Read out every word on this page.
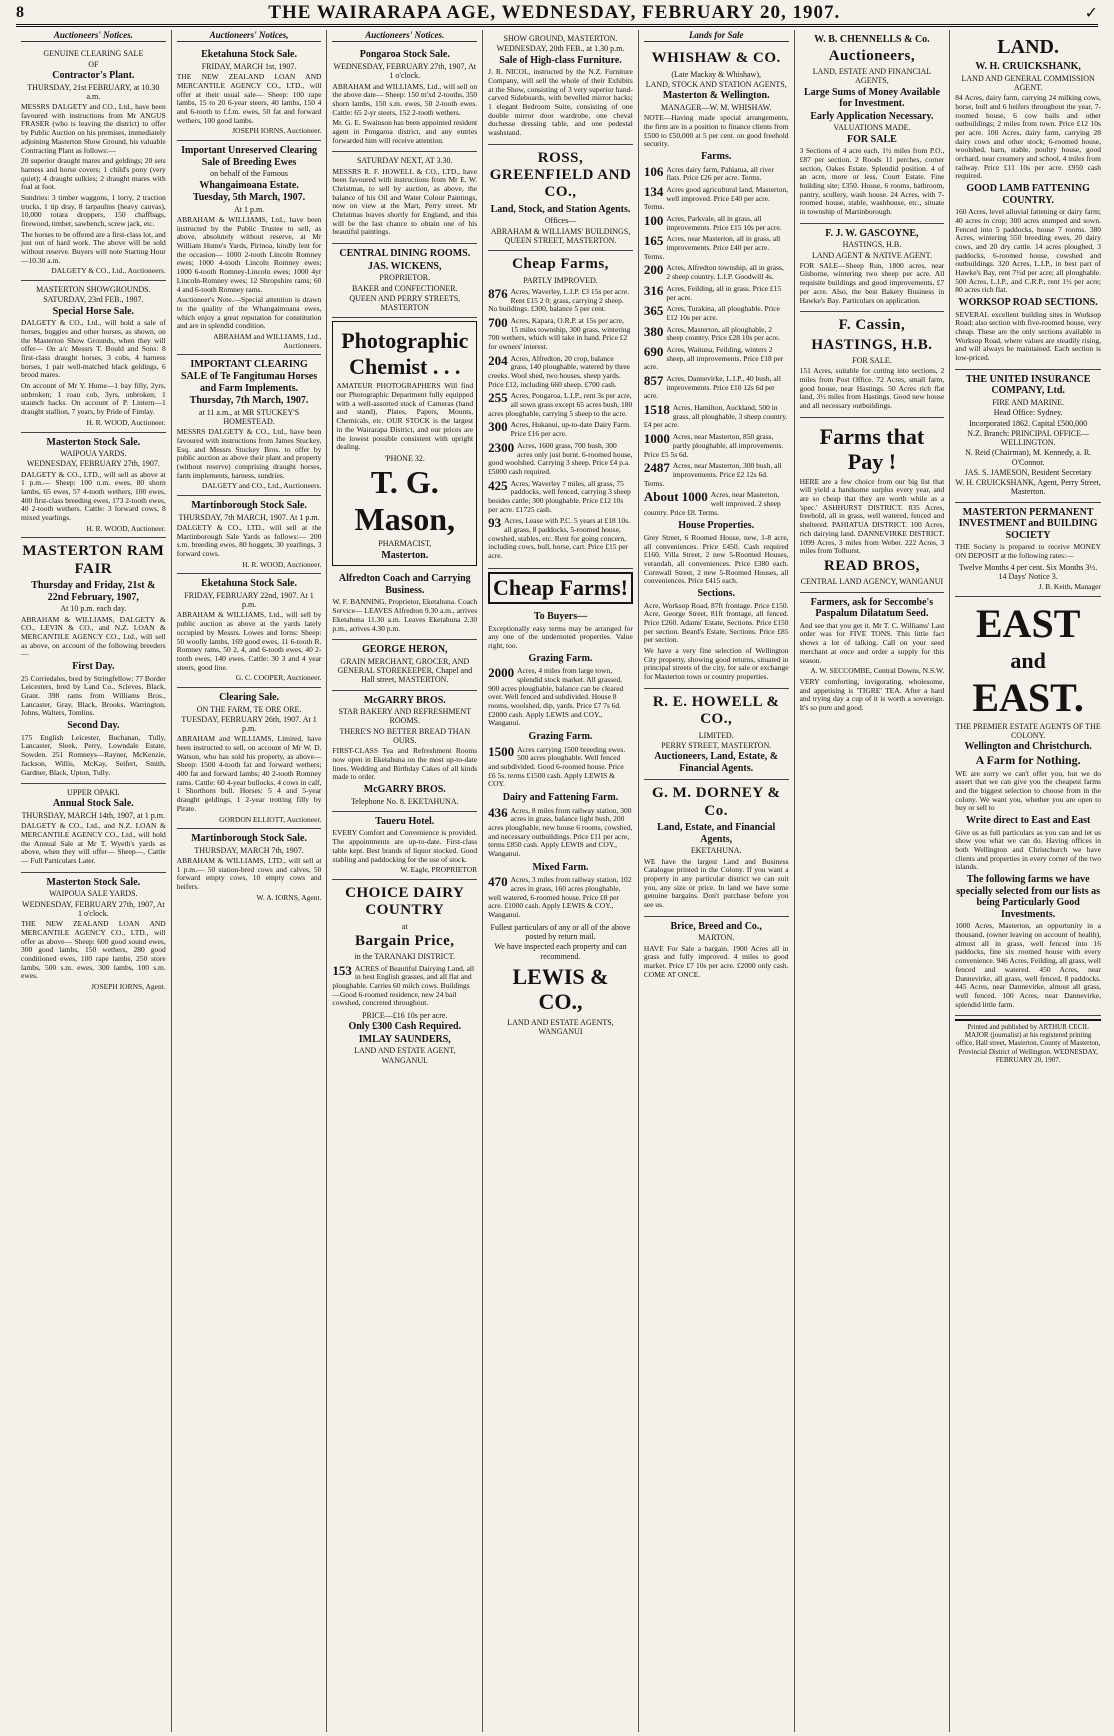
8	THE WAIRARAPA AGE, WEDNESDAY, FEBRUARY 20, 1907.	✓
Auctioneers' Notices.
GENUINE CLEARING SALE
OF
Contractor's Plant.
THURSDAY, 21st FEBRUARY, at 10.30 a.m.
MESSRS DALGETY and CO., Ltd., have been favoured with instructions from Mr ANGUS FRASER (who is leaving the district) to offer by Public Auction on his premises, immediately adjoining Masterton Show Ground, his valuable Contracting Plant as follows:—
20 superior draught mares and geldings; 20 sets harness and horse covers; 1 child's pony (very quiet); 4 draught sulkies; 2 draught mares with foal at foot.
Sundries: 3 timber waggons, 1 lorry, 2 traction trucks, 1 tip dray, 8 tarpaulins (heavy canvas), 10,000 totara droppers, 150 chaffbags, firewood, timber, sawbench, screw jack, etc.
The horses to be offered are a first-class lot, and just out of hard work. The above will be sold without reserve. Buyers will note Starting Hour—10.30 a.m.
DALGETY & CO., Ltd., Auctioneers.
MASTERTON SHOWGROUNDS.
SATURDAY, 23rd FEB., 1907.
Special Horse Sale.
DALGETY & CO., Ltd., will hold a sale of horses, buggies and other horses, as shown, on the Masterton Show Grounds, when they will offer— On a/c Messrs T. Bould and Sons: 8 first-class draught horses, 3 cobs, 4 harness horses, 1 pair well-matched black geldings, 6 brood mares.
On account of Mr Y. Hume—1 bay filly, 2yrs, unbroken; 1 roan cob, 3yrs, unbroken; 1 staunch hacks. On account of P. Lintern—1 draught stallion, 7 years, by Pride of Fimlay.
H. R. WOOD, Auctioneer.
Masterton Stock Sale.
WAIPOUA YARDS.
WEDNESDAY, FEBRUARY 27th, 1907.
DALGETY & CO., LTD., will sell as above at 1 p.m.— Sheep: 100 n.m. ewes, 80 shorn lambs, 65 ewes, 57 4-tooth wethers, 100 ewes, 400 first-class breeding ewes, 173 2-tooth ewes, 40 2-tooth wethers. Cattle: 3 forward cows, 8 mixed yearlings.
H. R. WOOD, Auctioneer.
MASTERTON RAM FAIR
Thursday and Friday, 21st & 22nd February, 1907,
At 10 p.m. each day.
ABRAHAM & WILLIAMS, DALGETY & CO., LEVIN & CO., and N.Z. LOAN & MERCANTILE AGENCY CO., Ltd., will sell as above, on account of the following breeders—
First Day.
25 Corriedales, bred by Stringfellow; 77 Border Leicesters, bred by Land Co., Scleves, Black, Grant. 398 rams from Williams Bros., Lancaster, Gray, Black, Brooks, Warrington, Johns, Walters, Tomlins.
Second Day.
175 English Leicester, Buchanan, Tully, Lancaster, Sleek, Perry, Lowndale Estate, Sowden. 251 Romneys—Rayner, McKenzie, Jackson, Willis, McKay, Seifert, Smith, Gardner, Black, Upton, Tully.
UPPER OPAKI.
Annual Stock Sale.
THURSDAY, MARCH 14th, 1907, at 1 p.m.
DALGETY & CO., Ltd., and N.Z. LOAN & MERCANTILE AGENCY CO., Ltd., will hold the Annual Sale at Mr T. Wyeth's yards as above, when they will offer— Sheep—, Cattle— Full Particulars Later.
Masterton Stock Sale.
WAIPOUA SALE YARDS.
WEDNESDAY, FEBRUARY 27th, 1907, At 1 o'clock.
THE NEW ZEALAND LOAN AND MERCANTILE AGENCY CO., LTD., will offer as above— Sheep: 600 good sound ewes, 300 good lambs, 150 wethers, 280 good conditioned ewes, 100 rape lambs, 250 store lambs, 500 s.m. ewes, 300 lambs, 100 s.m. ewes.
JOSEPH IORNS, Agent.
Auctioneers' Notices,
Eketahuna Stock Sale.
FRIDAY, MARCH 1st, 1907.
THE NEW ZEALAND LOAN AND MERCANTILE AGENCY CO., LTD., will offer at their usual sale— Sheep: 100 rape lambs, 15 to 20 6-year steers, 40 lambs, 150 4 and 6-tooth to f.f.m. ewes, 50 fat and forward wethers, 100 good lambs.
JOSEPH IORNS, Auctioneer.
Important Unreserved Clearing Sale of Breeding Ewes
on behalf of the Famous
Whangaimoana Estate.
Tuesday, 5th March, 1907.
At 1 p.m.
ABRAHAM & WILLIAMS, Ltd., have been instructed by the Public Trustee to sell, as above, absolutely without reserve, at Mr William Hume's Yards, Pirinoa, kindly lent for the occasion— 1000 2-tooth Lincoln Romney ewes; 1000 4-tooth Lincoln Romney ewes; 1000 6-tooth Romney-Lincoln ewes; 1000 4yr Lincoln-Romney ewes; 12 Shropshire rams; 60 4 and 6-tooth Romney rams.
Auctioneer's Note.—Special attention is drawn to the quality of the Whangaimoana ewes, which enjoy a great reputation for constitution and are in splendid condition.
ABRAHAM and WILLIAMS, Ltd., Auctioneers.
IMPORTANT CLEARING SALE of Te Fangitumau Horses and Farm Implements.
Thursday, 7th March, 1907.
at 11 a.m., at MR STUCKEY'S HOMESTEAD.
MESSRS DALGETY & CO., Ltd., have been favoured with instructions from James Stuckey, Esq. and Messrs Stuckey Bros. to offer by public auction as above their plant and property (without reserve) comprising draught horses, farm implements, harness, sundries.
DALGETY and CO., Ltd., Auctioneers.
Martinborough Stock Sale.
THURSDAY, 7th MARCH, 1907. At 1 p.m.
DALGETY & CO., LTD., will sell at the Martinborough Sale Yards as follows:— 200 s.m. breeding ewes, 80 hoggets, 30 yearlings, 3 forward cows.
H. R. WOOD, Auctioneer.
Eketahuna Stock Sale.
FRIDAY, FEBRUARY 22nd, 1907. At 1 p.m.
ABRAHAM & WILLIAMS, Ltd., will sell by public auction as above at the yards lately occupied by Messrs. Lowes and Iorns: Sheep: 50 woolly lambs, 169 good ewes, 11 6-tooth R. Romney rams, 50 2, 4, and 6-tooth ewes, 40 2-tooth ewes, 140 ewes. Cattle: 30 3 and 4 year steers, good line.
G. C. COOPER, Auctioneer.
Clearing Sale.
ON THE FARM, TE ORE ORE.
TUESDAY, FEBRUARY 26th, 1907. At 1 p.m.
ABRAHAM and WILLIAMS, Limited, have been instructed to sell, on account of Mr W. D. Watson, who has sold his property, as above— Sheep: 1500 4-tooth fat and forward wethers; 400 fat and forward lambs; 40 2-tooth Romney rams. Cattle: 60 4-year bullocks, 4 cows in calf, 1 Shorthorn bull. Horses: 5 4 and 5-year draught geldings, 1 2-year trotting filly by Pirate.
GORDON ELLIOTT, Auctioneer.
Martinborough Stock Sale.
THURSDAY, MARCH 7th, 1907.
ABRAHAM & WILLIAMS, LTD., will sell at 1 p.m.— 50 station-bred cows and calves, 50 forward empty cows, 10 empty cows and heifers.
W. A. IORNS, Agent.
Auctioneers' Notices.
Pongaroa Stock Sale.
WEDNESDAY, FEBRUARY 27th, 1907, At 1 o'clock.
ABRAHAM and WILLIAMS, Ltd., will sell on the above date— Sheep: 150 m'xd 2-tooths, 350 shorn lambs, 150 s.m. ewes, 50 2-tooth ewes. Cattle: 65 2-yr steers, 152 2-tooth wethers.
Mr. G. E. Swainson has been appointed resident agent in Pongaroa district, and any entries forwarded him will receive attention.
SATURDAY NEXT, AT 3.30.
MESSRS R. F. HOWELL & CO., LTD., have been favoured with instructions from Mr E. W. Christmas, to sell by auction, as above, the balance of his Oil and Water Colour Paintings, now on view at the Mart, Perry street. Mr Christmas leaves shortly for England, and this will be the last chance to obtain one of his beautiful paintings.
CENTRAL DINING ROOMS.
JAS. WICKENS,
PROPRIETOR.
BAKER and CONFECTIONER.
QUEEN AND PERRY STREETS, MASTERTON
Photographic Chemist . . .
AMATEUR PHOTOGRAPHERS Will find our Photographic Department fully equipped with a well-assorted stock of Cameras (hand and stand), Plates, Papers, Mounts, Chemicals, etc. OUR STOCK is the largest in the Wairarapa District, and our prices are the lowest possible consistent with upright dealing.
'PHONE 32.
T. G. Mason,
PHARMACIST,
Masterton.
Alfredton Coach and Carrying Business.
W. F. BANNING, Proprietor, Eketahuna. Coach Service— LEAVES Alfredton 9.30 a.m., arrives Eketahuna 11.30 a.m. Leaves Eketahuna 2.30 p.m., arrives 4.30 p.m.
GEORGE HERON,
GRAIN MERCHANT, GROCER, AND GENERAL STOREKEEPER, Chapel and Hall street, MASTERTON.
McGARRY BROS.
STAR BAKERY AND REFRESHMENT ROOMS.
THERE'S NO BETTER BREAD THAN OURS.
FIRST-CLASS Tea and Refreshment Rooms now open in Eketahuna on the most up-to-date lines. Wedding and Birthday Cakes of all kinds made to order.
McGARRY BROS.
Telephone No. 8. EKETAHUNA.
Taueru Hotel.
EVERY Comfort and Convenience is provided. The appointments are up-to-date. First-class table kept. Best brands of liquor stocked. Good stabling and paddocking for the use of stock.
W. Eagle, PROPRIETOR
CHOICE DAIRY COUNTRY
at
Bargain Price,
in the TARANAKI DISTRICT.
153 ACRES of Beautiful Dairying Land, all in best English grasses, and all flat and ploughable. Carries 60 milch cows. Buildings—Good 6-roomed residence, new 24 bail cowshed, concreted throughout.
PRICE—£16 10s per acre.
Only £300 Cash Required.
IMLAY SAUNDERS,
LAND AND ESTATE AGENT, WANGANUI.
SHOW GROUND, MASTERTON.
WEDNESDAY, 20th FEB., at 1.30 p.m.
Sale of High-class Furniture.
J. R. NICOL, instructed by the N.Z. Furniture Company, will sell the whole of their Exhibits at the Show, consisting of 3 very superior hand-carved Sideboards, with bevelled mirror backs; 1 elegant Bedroom Suite, consisting of one double mirror door wardrobe, one cheval duchesse dressing table, and one pedestal washstand.
ROSS, GREENFIELD AND CO.,
Land, Stock, and Station Agents.
Offices—
ABRAHAM & WILLIAMS' BUILDINGS, QUEEN STREET, MASTERTON.
Cheap Farms,
PARTLY IMPROVED.
876 Acres, Waverley, L.I.P. £3 15s per acre. Rent £15 2 0; grass, carrying 2 sheep. No buildings. £300, balance 5 per cent.
700 Acres, Kapara, O.R.P. at 15s per acre, 15 miles township, 300 grass, wintering 700 wethers, which will take in hand. Price £2 for owners' interest.
204 Acres, Alfredton, 20 crop, balance grass, 140 ploughable, watered by three creeks. Wool shed, two houses, sheep yards. Price £12, including 660 sheep. £700 cash.
255 Acres, Pongaroa, L.I.P., rent 3s per acre, all sown grass except 65 acres bush, 180 acres ploughable, carrying 5 sheep to the acre.
300 Acres, Hukanui, up-to-date Dairy Farm. Price £16 per acre.
2300 Acres, 1600 grass, 700 bush, 300 acres only just burnt. 6-roomed house, good woolshed. Carrying 3 sheep. Price £4 p.a. £5000 cash required.
425 Acres, Waverley 7 miles, all grass, 75 paddocks, well fenced, carrying 3 sheep besides cattle; 300 ploughable. Price £12 10s per acre. £1725 cash.
93 Acres, Lease with P.C. 5 years at £18 10s. all grass, 8 paddocks, 5-roomed house, cowshed, stables, etc. Rent for going concern, including cows, bull, horse, cart. Price £15 per acre.
Cheap Farms!
To Buyers—
Exceptionally easy terms may be arranged for any one of the undernoted properties. Value right, too.
Grazing Farm.
2000 Acres, 4 miles from large town, splendid stock market. All grassed. 900 acres ploughable, balance can be cleared over. Well fenced and subdivided. House 8 rooms, woolshed, dip, yards. Price £7 7s 6d. £2000 cash. Apply LEWIS and COY., Wanganui.
Grazing Farm.
1500 Acres carrying 1500 breeding ewes. 500 acres ploughable. Well fenced and subdivided. Good 6-roomed house. Price £6 5s. terms £1500 cash. Apply LEWIS & COY.
Dairy and Fattening Farm.
436 Acres, 8 miles from railway station, 300 acres in grass, balance light bush, 200 acres ploughable, new house 6 rooms, cowshed, and necessary outbuildings. Price £11 per acre, terms £850 cash. Apply LEWIS and COY., Wanganui.
Mixed Farm.
470 Acres, 3 miles from railway station, 102 acres in grass, 160 acres ploughable, well watered, 6-roomed house. Price £8 per acre. £1000 cash. Apply LEWIS & COY., Wanganui.
Fullest particulars of any or all of the above posted by return mail.
We have inspected each property and can recommend.
LEWIS & CO.,
LAND AND ESTATE AGENTS, WANGANUI
Lands for Sale
WHISHAW & CO.
(Late Mackay & Whishaw),
LAND, STOCK AND STATION AGENTS,
Masterton & Wellington.
MANAGER—W. M. WHISHAW.
NOTE—Having made special arrangements, the firm are in a position to finance clients from £500 to £50,000 at 5 per cent. on good freehold security.
Farms.
106 Acres dairy farm, Pahiatua, all river flats. Price £26 per acre. Terms.
134 Acres good agricultural land, Masterton, well improved. Price £40 per acre. Terms.
100 Acres, Parkvale, all in grass, all improvements. Price £15 10s per acre.
165 Acres, near Masterton, all in grass, all improvements. Price £40 per acre. Terms.
200 Acres, Alfredton township, all in grass, 2 sheep country. L.I.P. Goodwill 4s.
316 Acres, Feilding, all in grass. Price £15 per acre.
365 Acres, Turakina, all ploughable. Price £12 10s per acre.
380 Acres, Masterton, all ploughable, 2 sheep country. Price £28 10s per acre.
690 Acres, Waituna, Feilding, winters 2 sheep, all improvements. Price £18 per acre.
857 Acres, Dannevirke, L.I.P., 40 bush, all improvements. Price £10 12s 6d per acre.
1518 Acres, Hamilton, Auckland, 500 in grass, all ploughable, 3 sheep country. £4 per acre.
1000 Acres, near Masterton, 850 grass, partly ploughable, all improvements. Price £5 5s 6d.
2487 Acres, near Masterton, 300 bush, all improvements. Price £2 12s 6d. Terms.
About 1000 Acres, near Masterton, well improved. 2 sheep country. Price £8. Terms.
House Properties.
Grey Street, 6 Roomed House, new, 1-8 acre, all conveniences. Price £450. Cash required £160. Villa Street, 2 new 5-Roomed Houses, verandah, all conveniences. Price £380 each. Cornwall Street, 2 new 5-Roomed Houses, all conveniences. Price £415 each.
Sections.
Acre, Worksop Road, 87ft frontage. Price £150. Acre, George Street, 81ft frontage, all fenced. Price £260. Adams' Estate, Sections. Price £150 per section. Beard's Estate, Sections. Price £85 per section.
We have a very fine selection of Wellington City property, showing good returns, situated in principal streets of the city, for sale or exchange for Masterton town or country properties.
R. E. HOWELL & CO.,
LIMITED.
PERRY STREET, MASTERTON.
Auctioneers, Land, Estate, & Financial Agents.
G. M. DORNEY & Co.
Land, Estate, and Financial Agents,
EKETAHUNA.
WE have the largest Land and Business Catalogue printed in the Colony. If you want a property in any particular district we can suit you, any size or price. In land we have some genuine bargains. Don't purchase before you see us.
Brice, Breed and Co.,
MARTON.
HAVE For Sale a bargain. 1900 Acres all in grass and fully improved. 4 miles to good market. Price £7 10s per acre. £2000 only cash. COME AT ONCE.
W. B. CHENNELLS & Co.
Auctioneers,
LAND, ESTATE AND FINANCIAL AGENTS,
Large Sums of Money Available for Investment.
Early Application Necessary.
VALUATIONS MADE.
FOR SALE
3 Sections of 4 acre each, 1½ miles from P.O., £87 per section. 2 Roods 11 perches, corner section, Oakes Estate. Splendid position. 4 of an acre, more or less, Court Estate. Fine building site; £350. House, 6 rooms, bathroom, pantry, scullery, wash house. 24 Acres, with 7-roomed house, stable, washhouse, etc., situate in township of Martinborough.
F. J. W. GASCOYNE,
HASTINGS, H.B.
LAND AGENT & NATIVE AGENT.
FOR SALE—Sheep Run, 1800 acres, near Gisborne, wintering two sheep per acre. All requisite buildings and good improvements, £7 per acre. Also, the best Bakery Business in Hawke's Bay. Particulars on application.
F. Cassin,
HASTINGS, H.B.
FOR SALE.
151 Acres, suitable for cutting into sections, 2 miles from Post Office. 72 Acres, small farm, good house, near Hastings. 50 Acres rich flat land, 3½ miles from Hastings. Good new house and all necessary outbuildings.
Farms that Pay !
HERE are a few choice from our big list that will yield a handsome surplus every year, and are so cheap that they are worth while as a 'spec.' ASHHURST DISTRICT. 835 Acres, freehold, all in grass, well watered, fenced and sheltered. PAHIATUA DISTRICT. 100 Acres, rich dairying land. DANNEVIRKE DISTRICT. 1099 Acres, 3 miles from Weber. 222 Acres, 3 miles from Tolhurst.
READ BROS,
CENTRAL LAND AGENCY, WANGANUI
Farmers, ask for Seccombe's Paspalum Dilatatum Seed.
And see that you get it. Mr T. C. Williams' Last order was for FIVE TONS. This little fact shows a lot of talking. Call on your seed merchant at once and order a supply for this season.
A. W. SECCOMBE, Central Downs, N.S.W.
VERY comforting, invigorating, wholesome, and appetising is 'TIGRE' TEA. After a hard and trying day a cup of it is worth a sovereign. It's so pure and good.
LAND.
W. H. CRUICKSHANK,
LAND AND GENERAL COMMISSION AGENT.
84 Acres, dairy farm, carrying 24 milking cows, horse, bull and 6 heifers throughout the year, 7-roomed house, 6 cow bails and other outbuildings; 2 miles from town. Price £12 10s per acre. 100 Acres, dairy farm, carrying 28 dairy cows and other stock; 6-roomed house, woolshed, barn, stable, poultry house, good orchard, near creamery and school, 4 miles from railway. Price £11 10s per acre. £950 cash required.
GOOD LAMB FATTENING COUNTRY.
160 Acres, level alluvial fattening or dairy farm; 40 acres in crop; 300 acres stumped and sown. Fenced into 5 paddocks, house 7 rooms. 380 Acres, wintering 550 breeding ewes, 20 dairy cows, and 20 dry cattle. 14 acres ploughed, 3 paddocks, 6-roomed house, cowshed and outbuildings. 320 Acres, L.I.P., in best part of Hawke's Bay, rent 7½d per acre; all ploughable. 500 Acres, L.I.P., and C.R.P., rent 1½ per acre; 80 acres rich flat.
WORKSOP ROAD SECTIONS.
SEVERAL excellent building sites in Worksop Road; also section with five-roomed house, very cheap. These are the only sections available in Worksop Road, where values are steadily rising, and will always be maintained. Each section is low-priced.
THE UNITED INSURANCE COMPANY, Ltd.
FIRE AND MARINE.
Head Office: Sydney.
Incorporated 1862. Capital £500,000
N.Z. Branch: PRINCIPAL OFFICE—WELLINGTON.
N. Reid (Chairman), M. Kennedy, a. R. O'Connor.
JAS. S. JAMESON, Resident Secretary
W. H. CRUICKSHANK, Agent, Perry Street, Masterton.
MASTERTON PERMANENT INVESTMENT and BUILDING SOCIETY
THE Society is prepared to receive MONEY ON DEPOSIT at the following rates:—
Twelve Months 4 per cent. Six Months 3½. 14 Days' Notice 3.
J. B. Keith, Manager
EAST
and
EAST.
THE PREMIER ESTATE AGENTS OF THE COLONY.
Wellington and Christchurch.
A Farm for Nothing.
WE are sorry we can't offer you, but we do assert that we can give you the cheapest farms and the biggest selection to choose from in the colony. We want you, whether you are open to buy or sell to
Write direct to East and East
Give us as full particulars as you can and let us show you what we can do. Having offices in both Wellington and Christchurch we have clients and properties in every corner of the two islands.
The following farms we have specially selected from our lists as being Particularly Good Investments.
1000 Acres, Masterton, an opportunity in a thousand, (owner leaving on account of health), almost all in grass, well fenced into 16 paddocks, fine six roomed house with every convenience. 946 Acres, Feilding, all grass, well fenced and watered. 450 Acres, near Dannevirke, all grass, well fenced, 8 paddocks. 445 Acres, near Dannevirke, almost all grass, well fenced. 100 Acres, near Dannevirke, splendid little farm.
Printed and published by ARTHUR CECIL MAJOR (journalist) at his registered printing office, Hall street, Masterton, County of Masterton, Provincial District of Wellington. WEDNESDAY, FEBRUARY 20, 1907.
